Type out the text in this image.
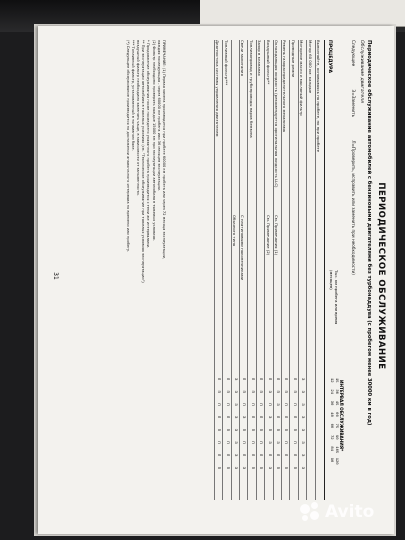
ПЕРИОДИЧЕСКОЕ ОБСЛУЖИВАНИЕ
Периодическое обслуживание автомобилей с бензиновыми двигателями без турбонаддува (с пробегом менее 30000 км в год)
Обслуживание двигателя
Следующее З=Заменить Л=Проверить, исправить или заменить при необходимости)
ПРОЦЕДУРА
Тыс. км пробега или время (месяцев)
ИНТЕРВАЛ ОБСЛУЖИВАНИЯ*
15   30   45   60   75   90   105  120
12   24   36   48   60   72   84   96
Выполняйте, основываясь на пробеге, но при пробеге
Мотор 60 000 км: каждые
Моторное масло и масляный фильтр
З    З    З    З    З    З    З    З
Приводные ремни
П    П    П    П    П    П    П    П
Ремень газораспределительного механизма
П    П    П    П    П    П    П    П
Охлаждающая жидкость (рекомендуется оригинальная жидкость LLC)
См. Примечания (1)
П    П    З    П    П    З    П    П
Воздушный фильтр**
См. Примечание (2)
П    З    П    З    П    З    П    З
Зазор в клапанах
П    П    П    П    П    П    П    П
Топливопровод и трубопроводы паров бензина
П    П    П    П    П    П    П    П
Свечи зажигания
С платиновыми наконечниками
П    П    П    З    П    П    П    З
Обычного типа
З    З    З    З    З    З    З    З
Топливный фильтр***
П    П    П    П    П    П    П    П
Диагностика системы управления двигателем
П    П    П    П    П    П    П    П

ПРИМЕЧАНИЕ: (1) Первая замена производится при пробеге 60000 км пробега или через 72 месяца эксплуатации,

каждая последующая - через 60000 км пробега или 36 месяцев эксплуатации.

(2) Фильтр необходимо проверять каждые 15000 км при эксплуатации автомобиля в тяжелых условиях.

* Продолжение обслуживания после последнего указанного пробега производится с теми же интервалами.

** При эксплуатации автомобиля в тяжелых условиях (см. "Техническое обслуживание при тяжелых условиях эксплуатации")

воздушный фильтр необходимо заменять чаще, в зависимости от запыленности.

*** Топливный фильтр, установленный в топливном баке.

(*) Следующее обслуживание производится по достижении аналогичного интервала по времени или пробегу.

31
Avito
